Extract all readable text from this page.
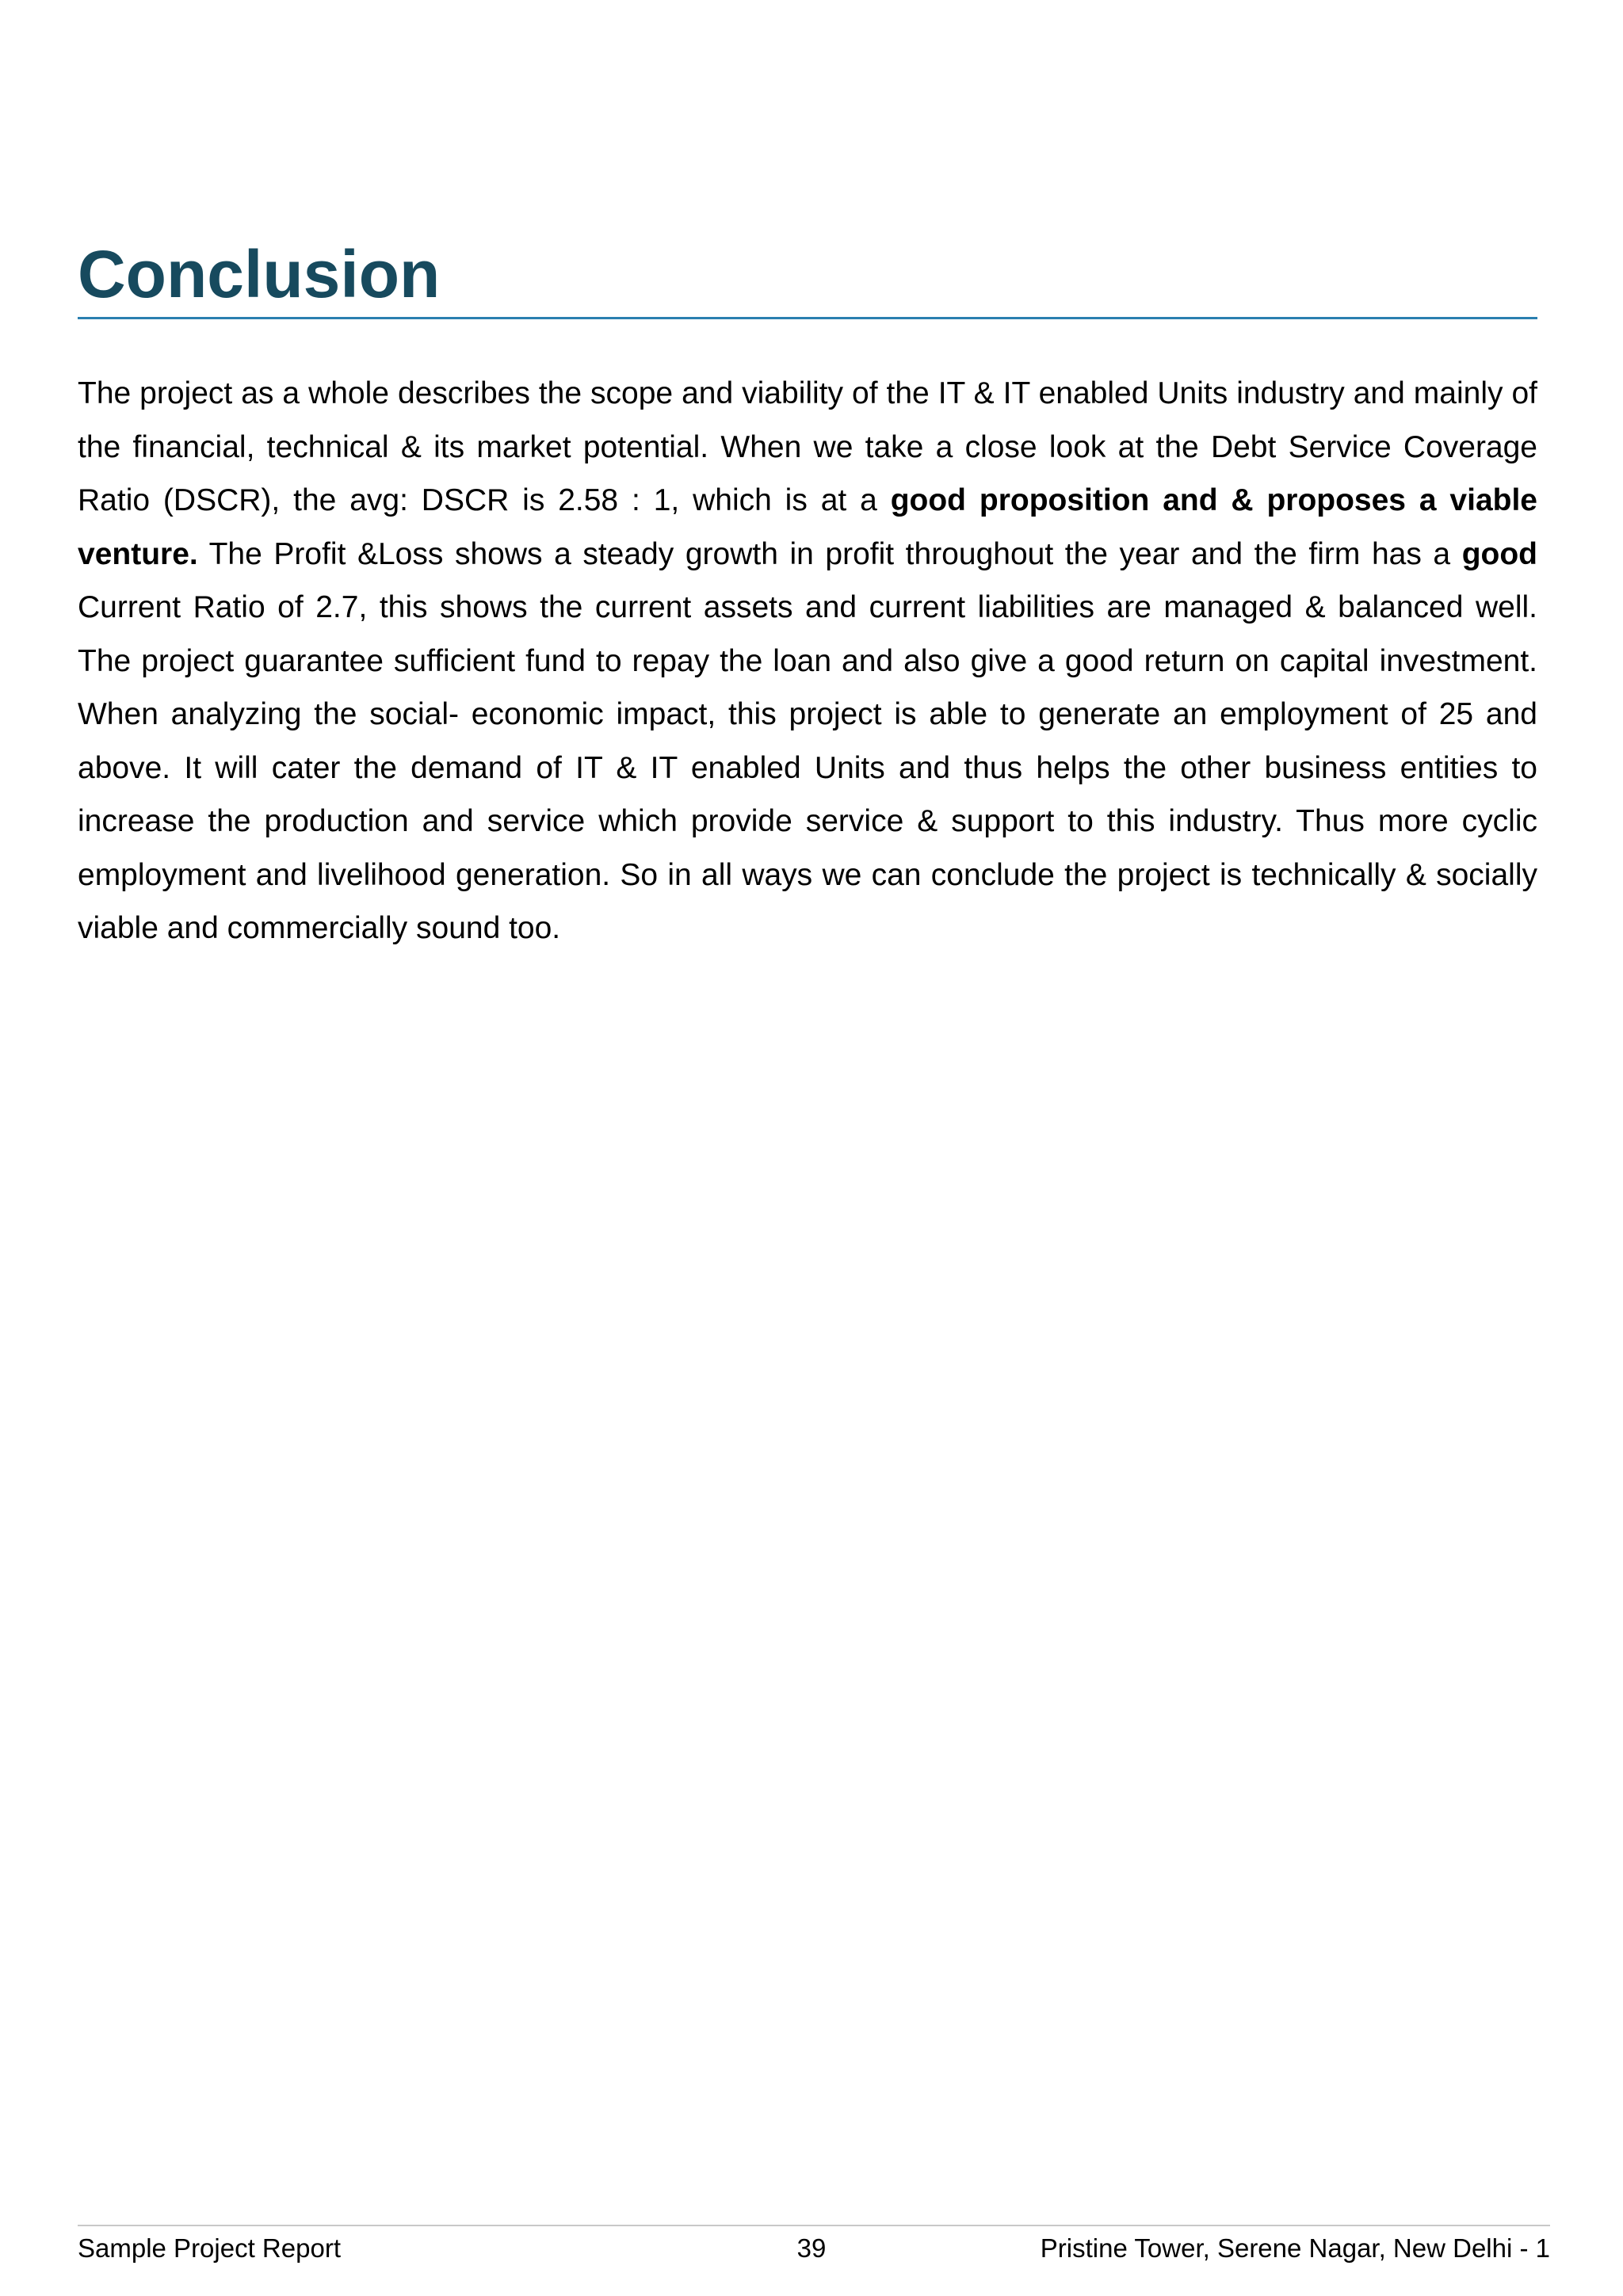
Conclusion

The project as a whole describes the scope and viability of the IT & IT enabled Units industry and mainly of the financial, technical & its market potential. When we take a close look at the Debt Service Coverage Ratio (DSCR), the avg: DSCR is 2.58 : 1, which is at a good proposition and & proposes a viable venture. The Profit &Loss shows a steady growth in profit throughout the year and the firm has a good Current Ratio of 2.7, this shows the current assets and current liabilities are managed & balanced well. The project guarantee sufficient fund to repay the loan and also give a good return on capital investment. When analyzing the social- economic impact, this project is able to generate an employment of 25 and above. It will cater the demand of IT & IT enabled Units and thus helps the other business entities to increase the production and service which provide service & support to this industry. Thus more cyclic employment and livelihood generation. So in all ways we can conclude the project is technically & socially viable and commercially sound too.

Sample Project Report	39	Pristine Tower, Serene Nagar, New Delhi - 1
